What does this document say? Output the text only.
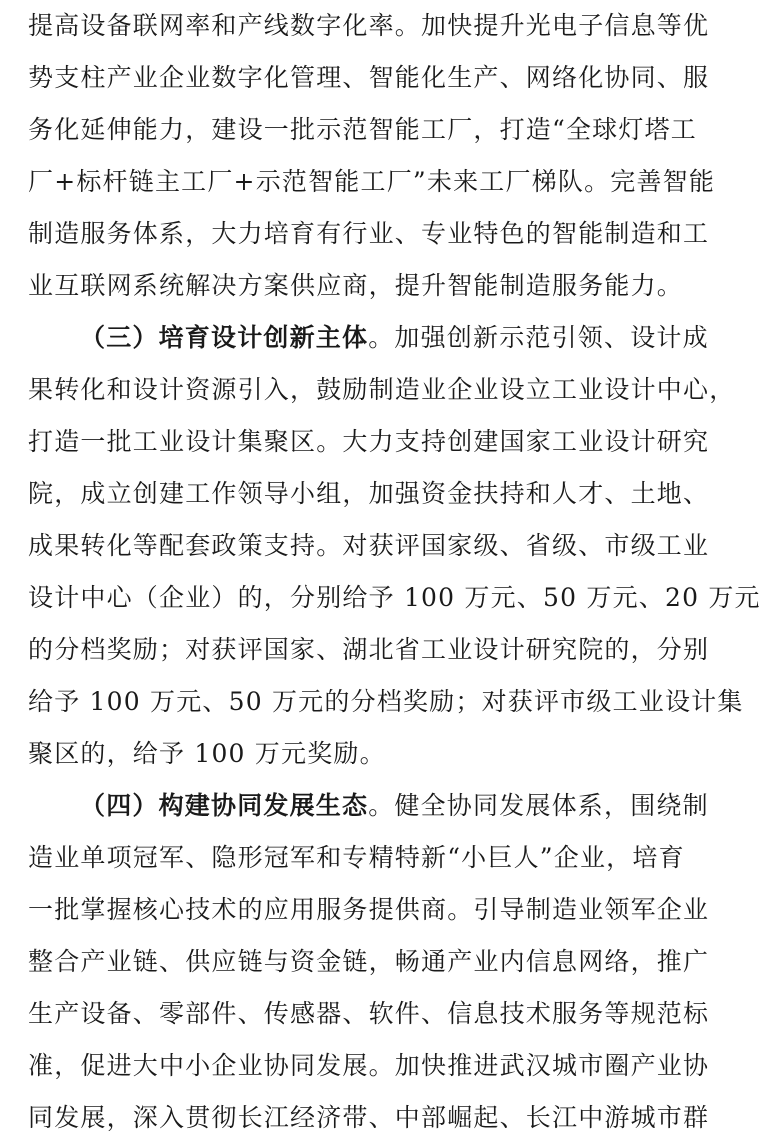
提高设备联网率和产线数字化率。加快提升光电子信息等优
势支柱产业企业数字化管理、智能化生产、网络化协同、服
务化延伸能力，建设一批示范智能工厂，打造“全球灯塔工
厂+标杆链主工厂+示范智能工厂”未来工厂梯队。完善智能
制造服务体系，大力培育有行业、专业特色的智能制造和工
业互联网系统解决方案供应商，提升智能制造服务能力。
（三）培育设计创新主体。加强创新示范引领、设计成
果转化和设计资源引入，鼓励制造业企业设立工业设计中心，
打造一批工业设计集聚区。大力支持创建国家工业设计研究
院，成立创建工作领导小组，加强资金扶持和人才、土地、
成果转化等配套政策支持。对获评国家级、省级、市级工业
设计中心（企业）的，分别给予 100 万元、50 万元、20 万元
的分档奖励；对获评国家、湖北省工业设计研究院的，分别
给予 100 万元、50 万元的分档奖励；对获评市级工业设计集
聚区的，给予 100 万元奖励。
（四）构建协同发展生态。健全协同发展体系，围绕制
造业单项冠军、隐形冠军和专精特新“小巨人”企业，培育
一批掌握核心技术的应用服务提供商。引导制造业领军企业
整合产业链、供应链与资金链，畅通产业内信息网络，推广
生产设备、零部件、传感器、软件、信息技术服务等规范标
准，促进大中小企业协同发展。加快推进武汉城市圈产业协
同发展，深入贯彻长江经济带、中部崛起、长江中游城市群
